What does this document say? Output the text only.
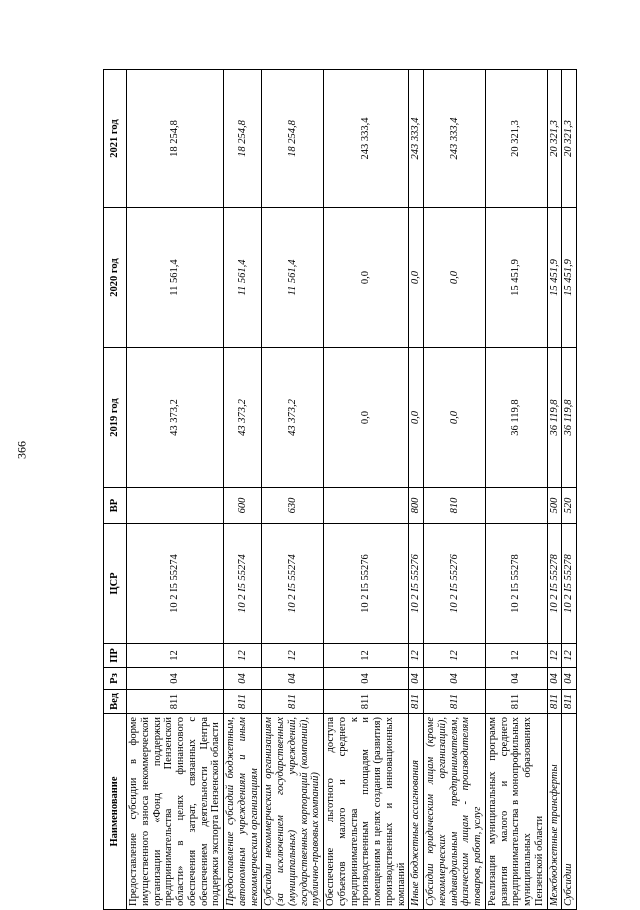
366
Наименование	Вед	Рз	ПР	ЦСР	ВР	2019 год	2020 год	2021 год
Предоставление субсидии в форме имущественного взноса некоммерческой организации «Фонд поддержки предпринимательства Пензенской области» в целях финансового обеспечения затрат, связанных с обеспечением деятельности Центра поддержки экспорта Пензенской области	811	04	12	10 2 I5 55274		43 373,2	11 561,4	18 254,8
Предоставление субсидий бюджетным, автономным учреждениям и иным некоммерческим организациям	811	04	12	10 2 I5 55274	600	43 373,2	11 561,4	18 254,8
Субсидии некоммерческим организациям (за исключением государственных (муниципальных) учреждений, государственных корпораций (компаний), публично-правовых компаний)	811	04	12	10 2 I5 55274	630	43 373,2	11 561,4	18 254,8
Обеспечение льготного доступа субъектов малого и среднего предпринимательства к производственным площадям и помещениям в целях создания (развития) производственных и инновационных компаний	811	04	12	10 2 I5 55276		0,0	0,0	243 333,4
Иные бюджетные ассигнования	811	04	12	10 2 I5 55276	800	0,0	0,0	243 333,4
Субсидии юридическим лицам (кроме некоммерческих организаций), индивидуальным предпринимателям, физическим лицам - производителям товаров, работ, услуг	811	04	12	10 2 I5 55276	810	0,0	0,0	243 333,4
Реализация муниципальных программ развития малого и среднего предпринимательства в монопрофильных муниципальных образованиях Пензенской области	811	04	12	10 2 I5 55278		36 119,8	15 451,9	20 321,3
Межбюджетные трансферты	811	04	12	10 2 I5 55278	500	36 119,8	15 451,9	20 321,3
Субсидии	811	04	12	10 2 I5 55278	520	36 119,8	15 451,9	20 321,3
